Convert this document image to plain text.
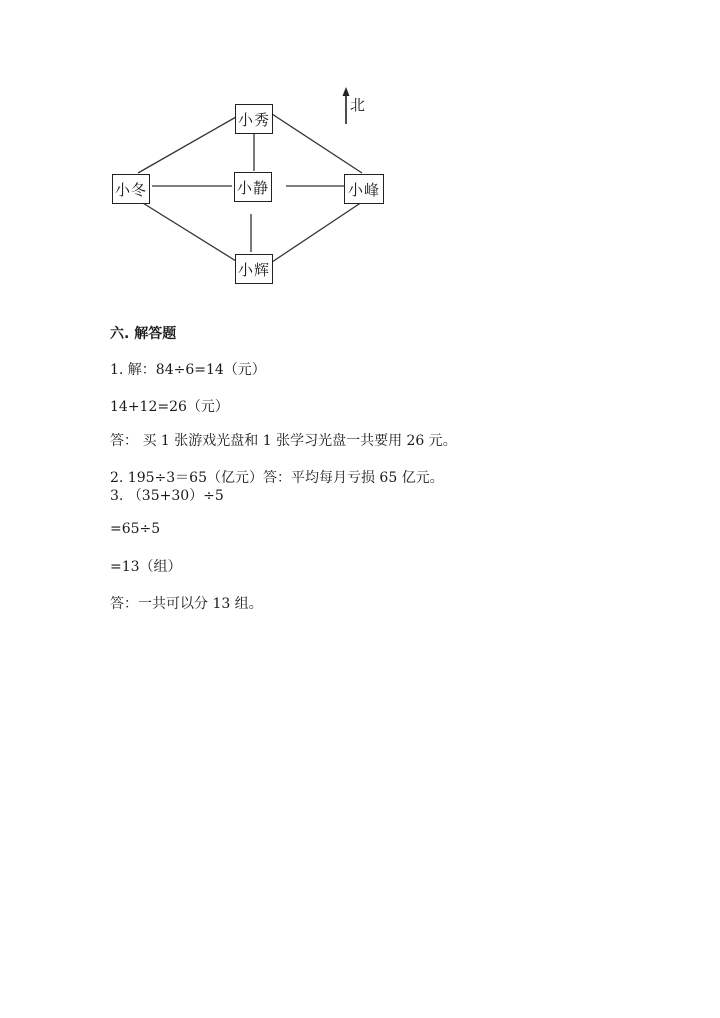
北
小秀
小冬	小静	小峰
小辉
六. 解答题
1. 解：84÷6=14（元）
14+12=26（元）
答： 买 1 张游戏光盘和 1 张学习光盘一共要用 26 元。
2. 195÷3＝65（亿元）答：平均每月亏损 65 亿元。
3. （35+30）÷5
=65÷5
=13（组）
答：一共可以分 13 组。
